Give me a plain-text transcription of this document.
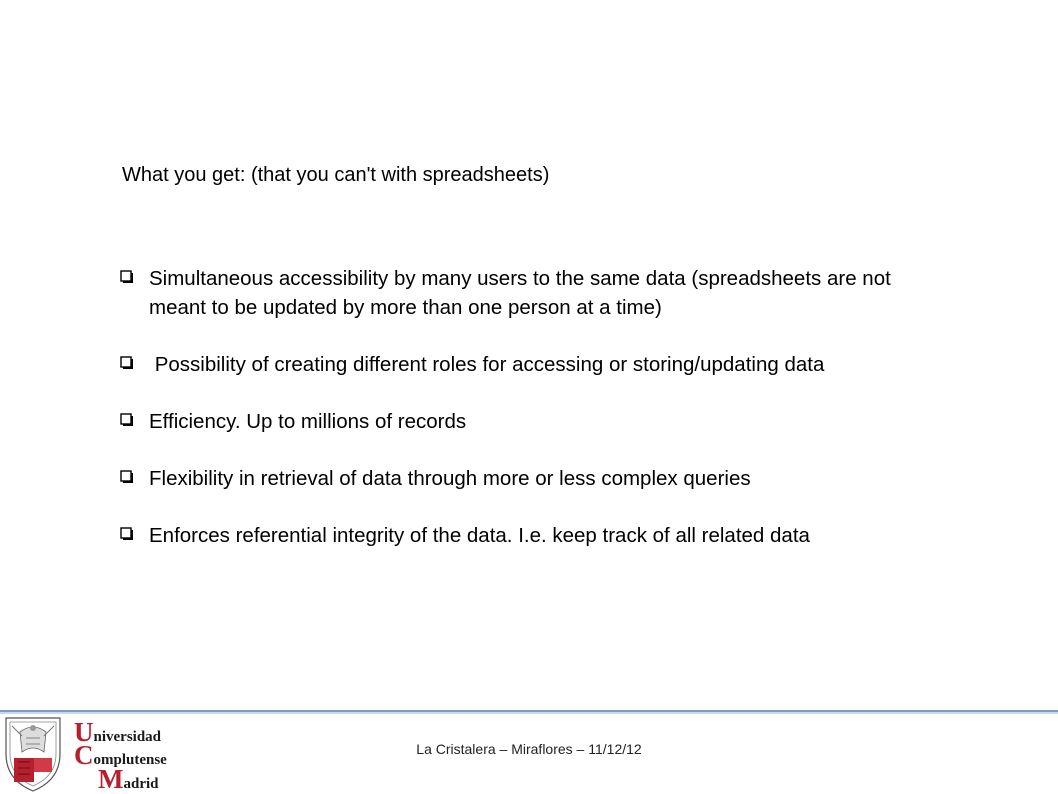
What you get: (that you can't with spreadsheets)
Simultaneous accessibility by many users to the same data (spreadsheets are not meant to be updated by more than one person at a time)
Possibility of creating different roles for accessing or storing/updating data
Efficiency. Up to millions of records
Flexibility in retrieval of data through more or less complex queries
Enforces referential integrity of the data. I.e. keep track of all related data
La Cristalera – Miraflores – 11/12/12
Universidad
Complutense
Madrid
